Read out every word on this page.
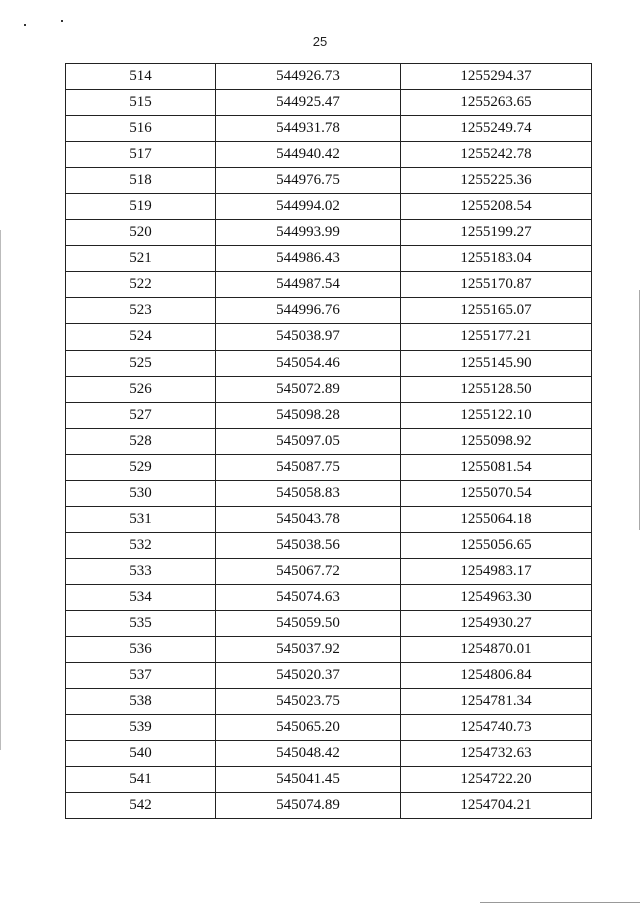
25
514	544926.73	1255294.37
515	544925.47	1255263.65
516	544931.78	1255249.74
517	544940.42	1255242.78
518	544976.75	1255225.36
519	544994.02	1255208.54
520	544993.99	1255199.27
521	544986.43	1255183.04
522	544987.54	1255170.87
523	544996.76	1255165.07
524	545038.97	1255177.21
525	545054.46	1255145.90
526	545072.89	1255128.50
527	545098.28	1255122.10
528	545097.05	1255098.92
529	545087.75	1255081.54
530	545058.83	1255070.54
531	545043.78	1255064.18
532	545038.56	1255056.65
533	545067.72	1254983.17
534	545074.63	1254963.30
535	545059.50	1254930.27
536	545037.92	1254870.01
537	545020.37	1254806.84
538	545023.75	1254781.34
539	545065.20	1254740.73
540	545048.42	1254732.63
541	545041.45	1254722.20
542	545074.89	1254704.21
